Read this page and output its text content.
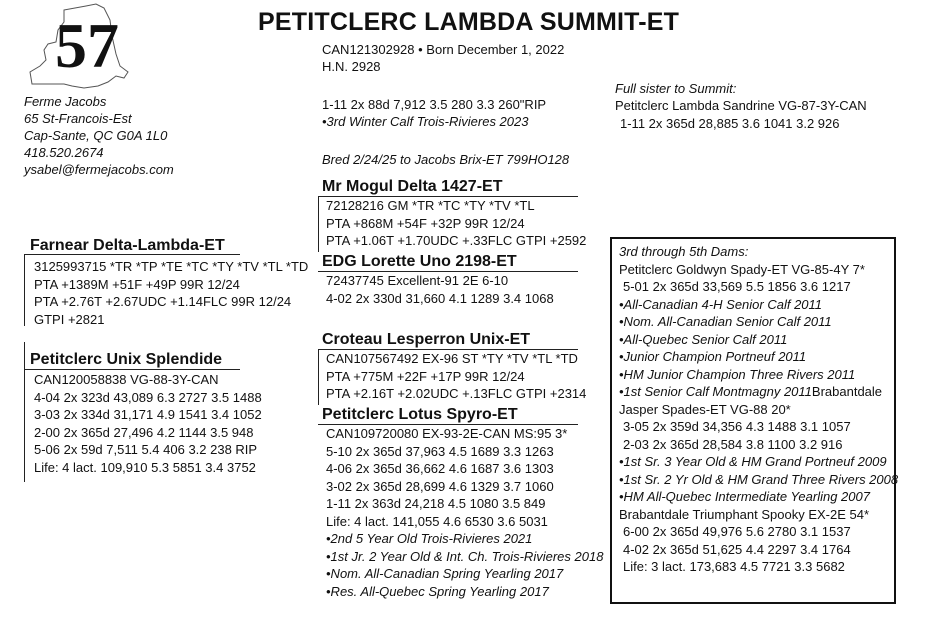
57	PETITCLERC LAMBDA SUMMIT-ET
Ferme Jacobs
65 St-Francois-Est
Cap-Sante, QC G0A 1L0
418.520.2674
ysabel@fermejacobs.com
CAN121302928 • Born December 1, 2022
H.N. 2928
1-11 2x 88d 7,912 3.5 280 3.3 260"RIP
•3rd Winter Calf Trois-Rivieres 2023
Bred 2/24/25 to Jacobs Brix-ET 799HO128
Full sister to Summit:
Petitclerc Lambda Sandrine VG-87-3Y-CAN
1-11 2x 365d 28,885 3.6 1041 3.2 926
Farnear Delta-Lambda-ET
3125993715 *TR *TP *TE *TC *TY *TV *TL *TD
PTA +1389M +51F +49P 99R 12/24
PTA +2.76T +2.67UDC +1.14FLC 99R 12/24
GTPI +2821
Petitclerc Unix Splendide
CAN120058838 VG-88-3Y-CAN
4-04 2x 323d 43,089 6.3 2727 3.5 1488
3-03 2x 334d 31,171 4.9 1541 3.4 1052
2-00 2x 365d 27,496 4.2 1144 3.5 948
5-06 2x 59d 7,511 5.4 406 3.2 238 RIP
Life: 4 lact. 109,910 5.3 5851 3.4 3752
Mr Mogul Delta 1427-ET
72128216 GM *TR *TC *TY *TV *TL
PTA +868M +54F +32P 99R 12/24
PTA +1.06T +1.70UDC +.33FLC GTPI +2592
EDG Lorette Uno 2198-ET
72437745 Excellent-91 2E 6-10
4-02 2x 330d 31,660 4.1 1289 3.4 1068
Croteau Lesperron Unix-ET
CAN107567492 EX-96 ST *TY *TV *TL *TD
PTA +775M +22F +17P 99R 12/24
PTA +2.16T +2.02UDC +.13FLC GTPI +2314
Petitclerc Lotus Spyro-ET
CAN109720080 EX-93-2E-CAN MS:95 3*
5-10 2x 365d 37,963 4.5 1689 3.3 1263
4-06 2x 365d 36,662 4.6 1687 3.6 1303
3-02 2x 365d 28,699 4.6 1329 3.7 1060
1-11 2x 363d 24,218 4.5 1080 3.5 849
Life: 4 lact. 141,055 4.6 6530 3.6 5031
•2nd 5 Year Old Trois-Rivieres 2021
•1st Jr. 2 Year Old & Int. Ch. Trois-Rivieres 2018
•Nom. All-Canadian Spring Yearling 2017
•Res. All-Quebec Spring Yearling 2017
3rd through 5th Dams:
Petitclerc Goldwyn Spady-ET VG-85-4Y 7*
5-01 2x 365d 33,569 5.5 1856 3.6 1217
•All-Canadian 4-H Senior Calf 2011
•Nom. All-Canadian Senior Calf 2011
•All-Quebec Senior Calf 2011
•Junior Champion Portneuf 2011
•HM Junior Champion Three Rivers 2011
•1st Senior Calf Montmagny 2011Brabantdale
Jasper Spades-ET VG-88 20*
3-05 2x 359d 34,356 4.3 1488 3.1 1057
2-03 2x 365d 28,584 3.8 1100 3.2 916
•1st Sr. 3 Year Old & HM Grand Portneuf 2009
•1st Sr. 2 Yr Old & HM Grand Three Rivers 2008
•HM All-Quebec Intermediate Yearling 2007
Brabantdale Triumphant Spooky EX-2E 54*
6-00 2x 365d 49,976 5.6 2780 3.1 1537
4-02 2x 365d 51,625 4.4 2297 3.4 1764
Life: 3 lact. 173,683 4.5 7721 3.3 5682
